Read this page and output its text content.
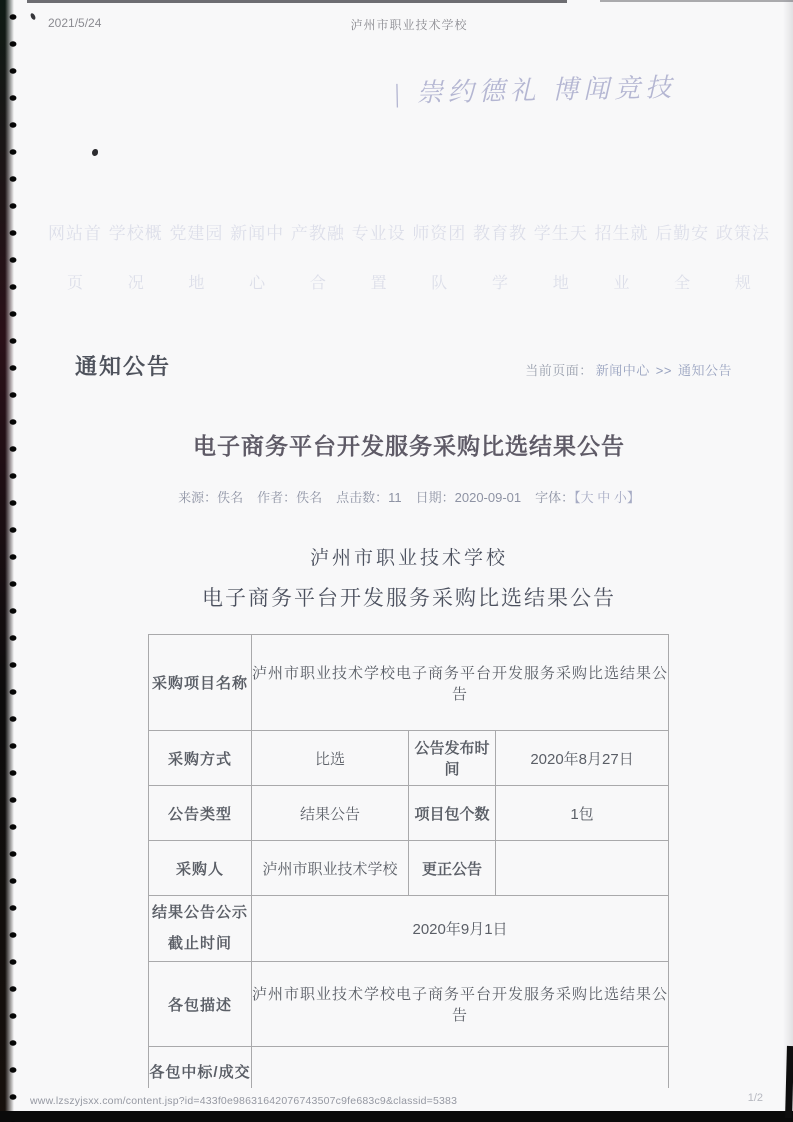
2021/5/24	泸州市职业技术学校
| 崇约德礼 博闻竞技
网站首
页
学校概
况
党建园
地
新闻中
心
产教融
合
专业设
置
师资团
队
教育教
学
学生天
地
招生就
业
后勤安
全
政策法
规
通知公告	当前页面： 新闻中心 >> 通知公告
电子商务平台开发服务采购比选结果公告
来源：佚名 作者：佚名 点击数：11 日期：2020-09-01 字体：【大 中 小】
泸州市职业技术学校
电子商务平台开发服务采购比选结果公告
采购项目名称	泸州市职业技术学校电子商务平台开发服务采购比选结果公告		
采购方式	比选	公告发布时间	2020年8月27日
公告类型	结果公告	项目包个数	1包
采购人	泸州市职业技术学校	更正公告	

结果公告公示
截止时间	2020年9月1日		
各包描述	泸州市职业技术学校电子商务平台开发服务采购比选结果公告		
各包中标/成交			
www.lzszyjsxx.com/content.jsp?id=433f0e98631642076743507c9fe683c9&classid=5383	1/2
